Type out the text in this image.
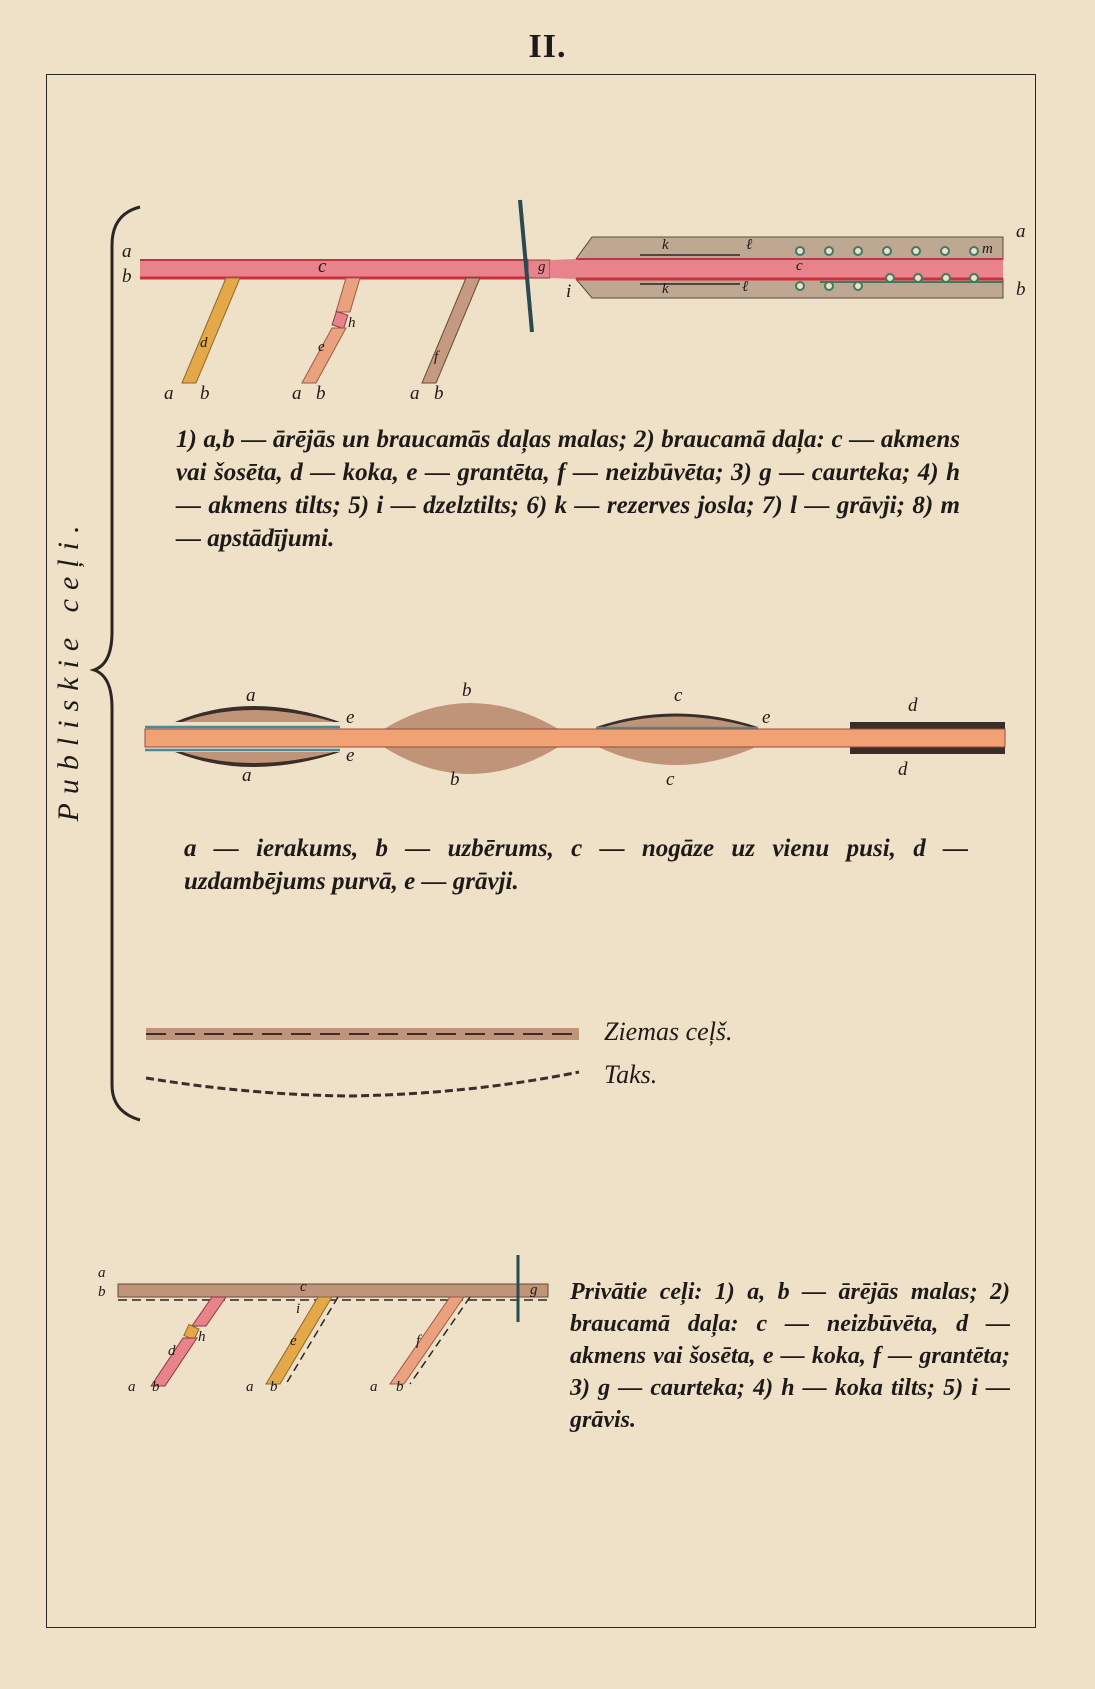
II.
a
b	c
d	e
f
h
g
i
k
k
ℓ
ℓ
c
m
a
b
a b	a b	a b
1) a,b — ārējās un braucamās daļas malas; 2) braucamā daļa: c — akmens vai šosēta, d — koka, e — grantēta, f — neizbūvēta; 3) g — caurteka; 4) h — akmens tilts; 5) i — dzelztilts; 6) k — rezerves josla; 7) l — grāvji; 8) m — apstādījumi.
a
a
b
b
c
c
d
d
e
e
e
a — ierakums, b — uzbērums, c — nogāze uz vienu pusi, d — uzdambējums purvā, e — grāvji.
Ziemas ceļš.
Taks.
a
b	c
i
g
h
d
e	f
a b	a b	a b
Privātie ceļi: 1) a, b — ārējās malas; 2) braucamā daļa: c — neizbūvēta, d — akmens vai šosēta, e — koka, f — grantēta; 3) g — caurteka; 4) h — koka tilts; 5) i — grāvis.
Publiskie ceļi.
